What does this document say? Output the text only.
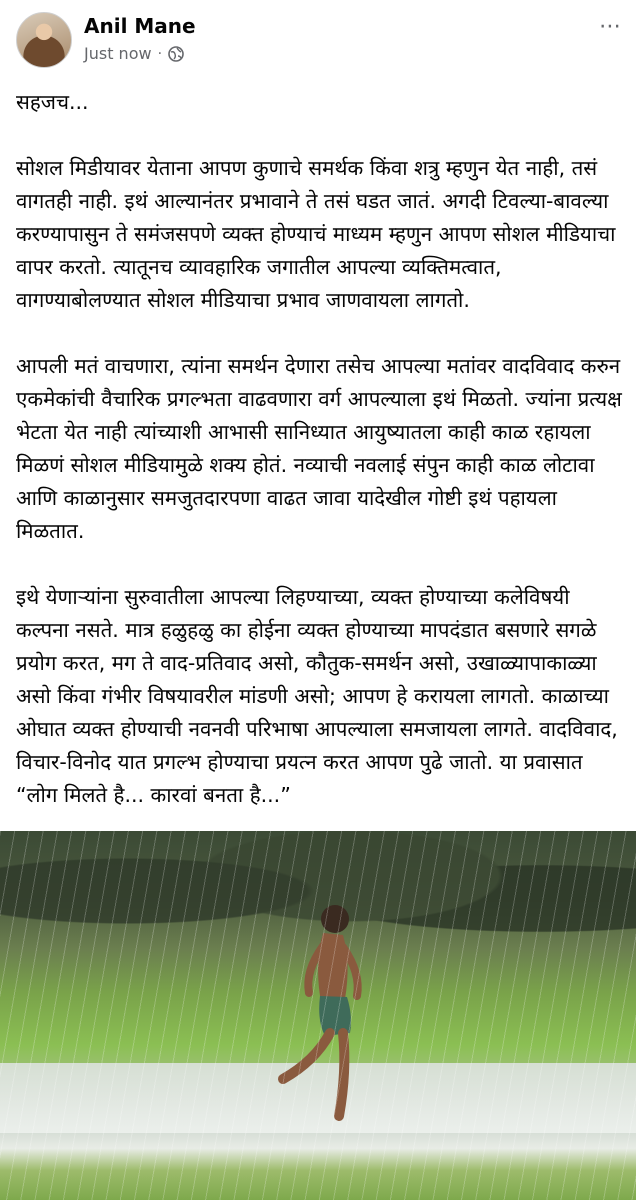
Anil Mane
Just now ·
⋯

सहजच...

सोशल मिडीयावर येताना आपण कुणाचे समर्थक किंवा शत्रु म्हणुन येत नाही, तसं वागतही नाही. इथं आल्यानंतर प्रभावाने ते तसं घडत जातं. अगदी टिवल्या-बावल्या करण्यापासुन ते समंजसपणे व्यक्त होण्याचं माध्यम म्हणुन आपण सोशल मीडियाचा वापर करतो. त्यातूनच व्यावहारिक जगातील आपल्या व्यक्तिमत्वात, वागण्याबोलण्यात सोशल मीडियाचा प्रभाव जाणवायला लागतो.

आपली मतं वाचणारा, त्यांना समर्थन देणारा तसेच आपल्या मतांवर वादविवाद करुन एकमेकांची वैचारिक प्रगल्भता वाढवणारा वर्ग आपल्याला इथं मिळतो. ज्यांना प्रत्यक्ष भेटता येत नाही त्यांच्याशी आभासी सानिध्यात आयुष्यातला काही काळ रहायला मिळणं सोशल मीडियामुळे शक्य होतं. नव्याची नवलाई संपुन काही काळ लोटावा आणि काळानुसार समजुतदारपणा वाढत जावा यादेखील गोष्टी इथं पहायला मिळतात.

इथे येणाऱ्यांना सुरुवातीला आपल्या लिहण्याच्या, व्यक्त होण्याच्या कलेविषयी कल्पना नसते. मात्र हळुहळु का होईना व्यक्त होण्याच्या मापदंडात बसणारे सगळे प्रयोग करत, मग ते वाद-प्रतिवाद असो, कौतुक-समर्थन असो, उखाळ्यापाकाळ्या असो किंवा गंभीर विषयावरील मांडणी असो; आपण हे करायला लागतो. काळाच्या ओघात व्यक्त होण्याची नवनवी परिभाषा आपल्याला समजायला लागते. वादविवाद, विचार-विनोद यात प्रगल्भ होण्याचा प्रयत्न करत आपण पुढे जातो. या प्रवासात “लोग मिलते है... कारवां बनता है...”
